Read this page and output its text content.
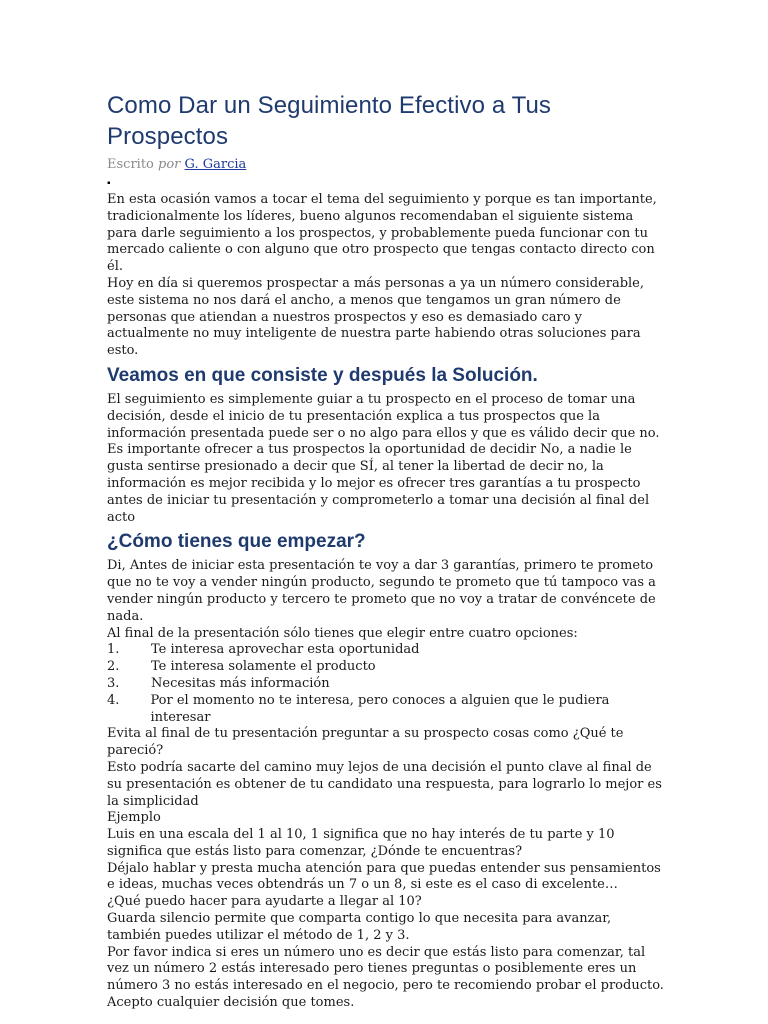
Como Dar un Seguimiento Efectivo a Tus Prospectos
Escrito por G. Garcia
▪

En esta ocasión vamos a tocar el tema del seguimiento y porque es tan importante, tradicionalmente los líderes, bueno algunos recomendaban el siguiente sistema para darle seguimiento a los prospectos, y probablemente pueda funcionar con tu mercado caliente o con alguno que otro prospecto que tengas contacto directo con él.

Hoy en día si queremos prospectar a más personas a ya un número considerable, este sistema no nos dará el ancho, a menos que tengamos un gran número de personas que atiendan a nuestros prospectos y eso es demasiado caro y actualmente no muy inteligente de nuestra parte habiendo otras soluciones para esto.

Veamos en que consiste y después la Solución.

El seguimiento es simplemente guiar a tu prospecto en el proceso de tomar una decisión, desde el inicio de tu presentación explica a tus prospectos que la información presentada puede ser o no algo para ellos y que es válido decir que no.

Es importante ofrecer a tus prospectos la oportunidad de decidir No, a nadie le gusta sentirse presionado a decir que SÍ, al tener la libertad de decir no, la información es mejor recibida y lo mejor es ofrecer tres garantías a tu prospecto antes de iniciar tu presentación y comprometerlo a tomar una decisión al final del acto

¿Cómo tienes que empezar?

Di, Antes de iniciar esta presentación te voy a dar 3 garantías, primero te prometo que no te voy a vender ningún producto, segundo te prometo que tú tampoco vas a vender ningún producto y tercero te prometo que no voy a tratar de convéncete de nada.

Al final de la presentación sólo tienes que elegir entre cuatro opciones:

1.	Te interesa aprovechar esta oportunidad
2.	Te interesa solamente el producto
3.	Necesitas más información
4.	Por el momento no te interesa, pero conoces a alguien que le pudiera interesar

Evita al final de tu presentación preguntar a su prospecto cosas como ¿Qué te pareció?

Esto podría sacarte del camino muy lejos de una decisión el punto clave al final de su presentación es obtener de tu candidato una respuesta, para lograrlo lo mejor es la simplicidad

Ejemplo

Luis en una escala del 1 al 10, 1 significa que no hay interés de tu parte y 10 significa que estás listo para comenzar, ¿Dónde te encuentras?

Déjalo hablar y presta mucha atención para que puedas entender sus pensamientos e ideas, muchas veces obtendrás un 7 o un 8, si este es el caso di excelente…

¿Qué puedo hacer para ayudarte a llegar al 10?

Guarda silencio permite que comparta contigo lo que necesita para avanzar, también puedes utilizar el método de 1, 2 y 3.

Por favor indica si eres un número uno es decir que estás listo para comenzar, tal vez un número 2 estás interesado pero tienes preguntas o posiblemente eres un número 3 no estás interesado en el negocio, pero te recomiendo probar el producto.

Acepto cualquier decisión que tomes.
